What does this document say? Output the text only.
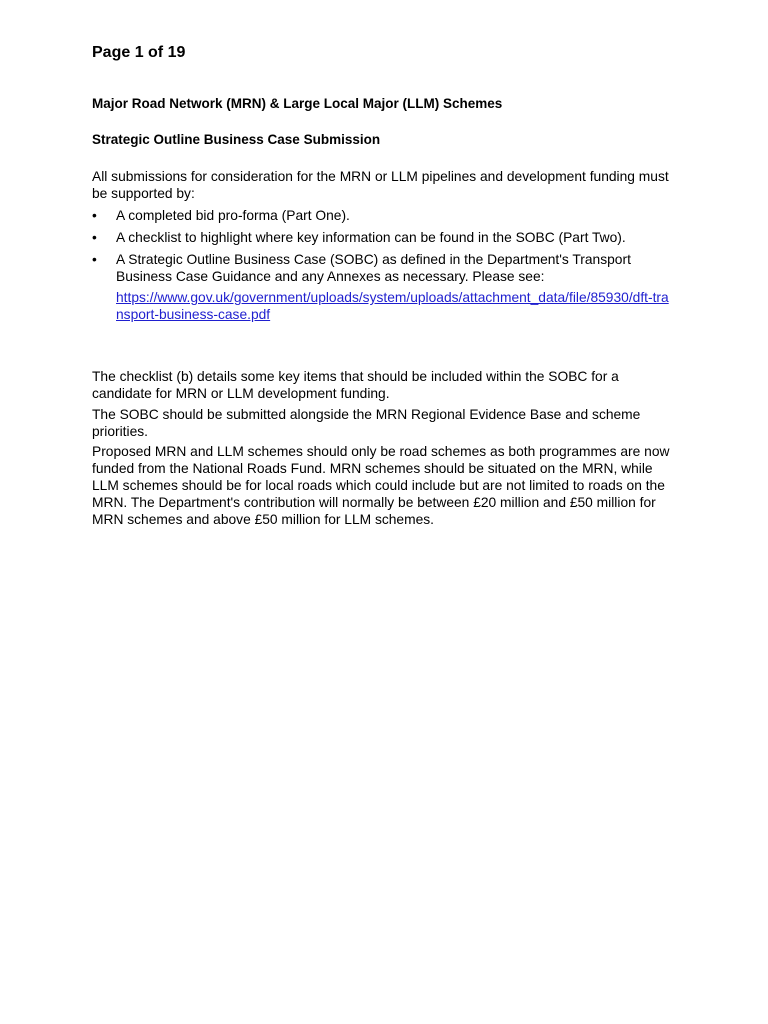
Page 1 of 19

Major Road Network (MRN) & Large Local Major (LLM) Schemes

Strategic Outline Business Case Submission

All submissions for consideration for the MRN or LLM pipelines and development funding must be supported by:

•	A completed bid pro-forma (Part One).
•	A checklist to highlight where key information can be found in the SOBC (Part Two).
•	A Strategic Outline Business Case (SOBC) as defined in the Department's Transport Business Case Guidance and any Annexes as necessary. Please see:
https://www.gov.uk/government/uploads/system/uploads/attachment_data/file/85930/dft-transport-business-case.pdf

The checklist (b) details some key items that should be included within the SOBC for a candidate for MRN or LLM development funding.

The SOBC should be submitted alongside the MRN Regional Evidence Base and scheme priorities.

Proposed MRN and LLM schemes should only be road schemes as both programmes are now funded from the National Roads Fund. MRN schemes should be situated on the MRN, while LLM schemes should be for local roads which could include but are not limited to roads on the MRN. The Department's contribution will normally be between £20 million and £50 million for MRN schemes and above £50 million for LLM schemes.
